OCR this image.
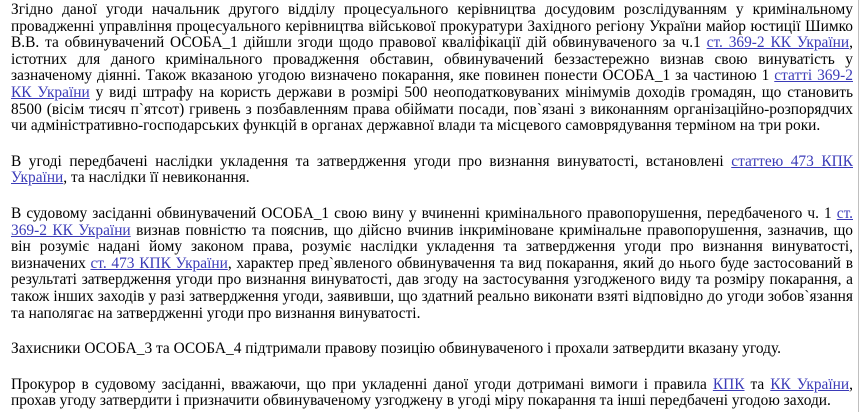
Згідно даної угоди начальник другого відділу процесуального керівництва досудовим розслідуванням у кримінальному провадженні управління процесуального керівництва військової прокуратури Західного регіону України майор юстиції Шимко В.В. та обвинувачений ОСОБА_1 дійшли згоди щодо правової кваліфікації дій обвинуваченого за ч.1 ст. 369-2 КК України, істотних для даного кримінального провадження обставин, обвинувачений беззастережно визнав свою винуватість у зазначеному діянні. Також вказаною угодою визначено покарання, яке повинен понести ОСОБА_1 за частиною 1 статті 369-2 КК України у виді штрафу на користь держави в розмірі 500 неоподатковуваних мінімумів доходів громадян, що становить 8500 (вісім тисяч п`ятсот) гривень з позбавленням права обіймати посади, пов`язані з виконанням організаційно-розпорядчих чи адміністративно-господарських функцій в органах державної влади та місцевого самоврядування терміном на три роки.
В угоді передбачені наслідки укладення та затвердження угоди про визнання винуватості, встановлені статтею 473 КПК України, та наслідки її невиконання.
В судовому засіданні обвинувачений ОСОБА_1 свою вину у вчиненні кримінального правопорушення, передбаченого ч. 1 ст. 369-2 КК України визнав повністю та пояснив, що дійсно вчинив інкриміноване кримінальне правопорушення, зазначив, що він розуміє надані йому законом права, розуміє наслідки укладення та затвердження угоди про визнання винуватості, визначених ст. 473 КПК України, характер пред`явленого обвинувачення та вид покарання, який до нього буде застосований в результаті затвердження угоди про визнання винуватості, дав згоду на застосування узгодженого виду та розміру покарання, а також інших заходів у разі затвердження угоди, заявивши, що здатний реально виконати взяті відповідно до угоди зобов`язання та наполягає на затвердженні угоди про визнання винуватості.
Захисники ОСОБА_3 та ОСОБА_4 підтримали правову позицію обвинуваченого і прохали затвердити вказану угоду.
Прокурор в судовому засіданні, вважаючи, що при укладенні даної угоди дотримані вимоги і правила КПК та КК України, прохав угоду затвердити і призначити обвинуваченому узгоджену в угоді міру покарання та інші передбачені угодою заходи.
